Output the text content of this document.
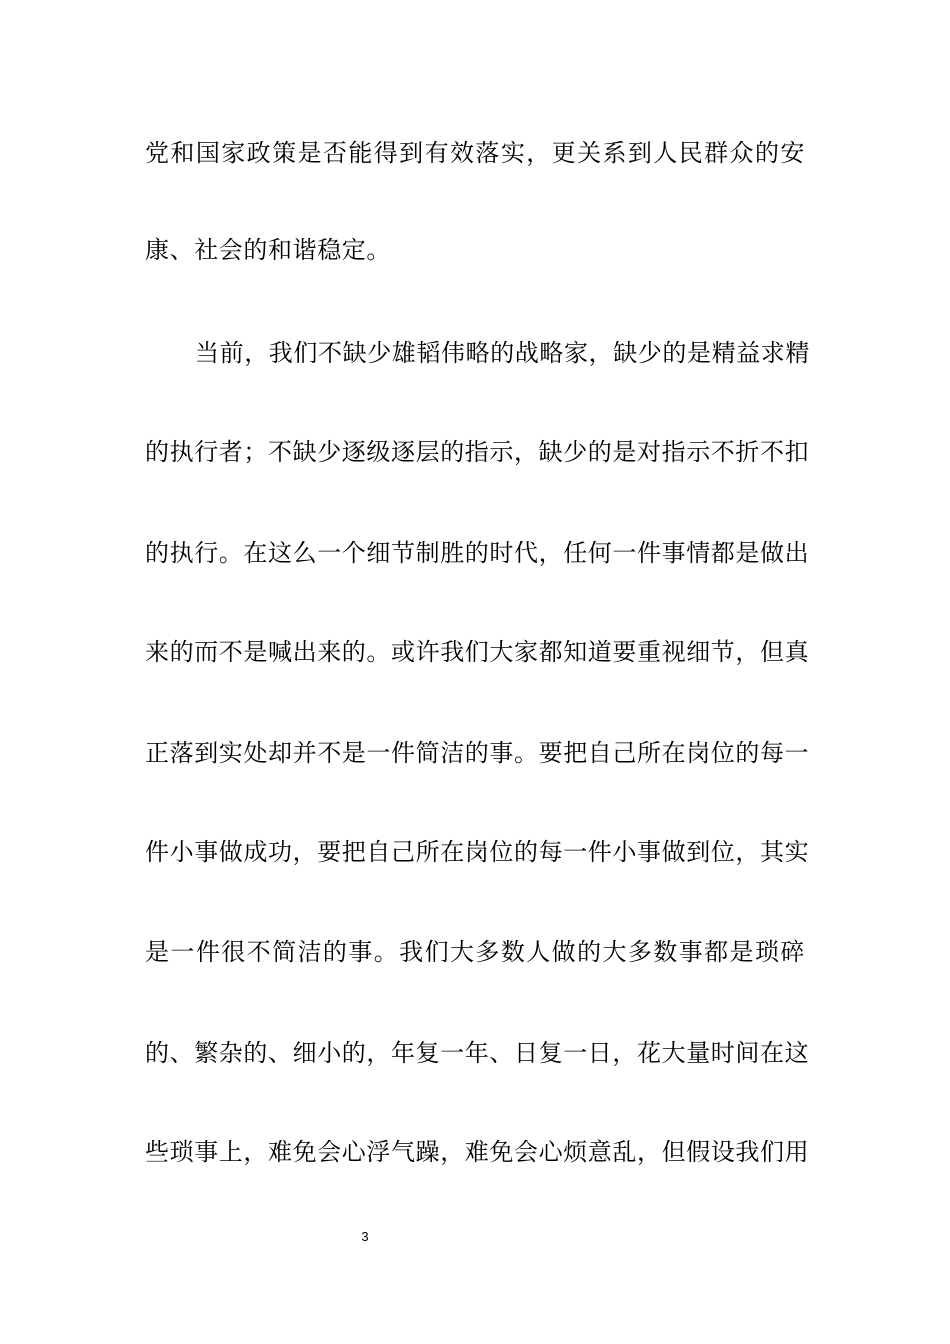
党和国家政策是否能得到有效落实，更关系到人民群众的安
康、社会的和谐稳定。
当前，我们不缺少雄韬伟略的战略家，缺少的是精益求精
的执行者；不缺少逐级逐层的指示，缺少的是对指示不折不扣
的执行。在这么一个细节制胜的时代，任何一件事情都是做出
来的而不是喊出来的。或许我们大家都知道要重视细节，但真
正落到实处却并不是一件简洁的事。要把自己所在岗位的每一
件小事做成功，要把自己所在岗位的每一件小事做到位，其实
是一件很不简洁的事。我们大多数人做的大多数事都是琐碎
的、繁杂的、细小的，年复一年、日复一日，花大量时间在这
些琐事上，难免会心浮气躁，难免会心烦意乱，但假设我们用
3
